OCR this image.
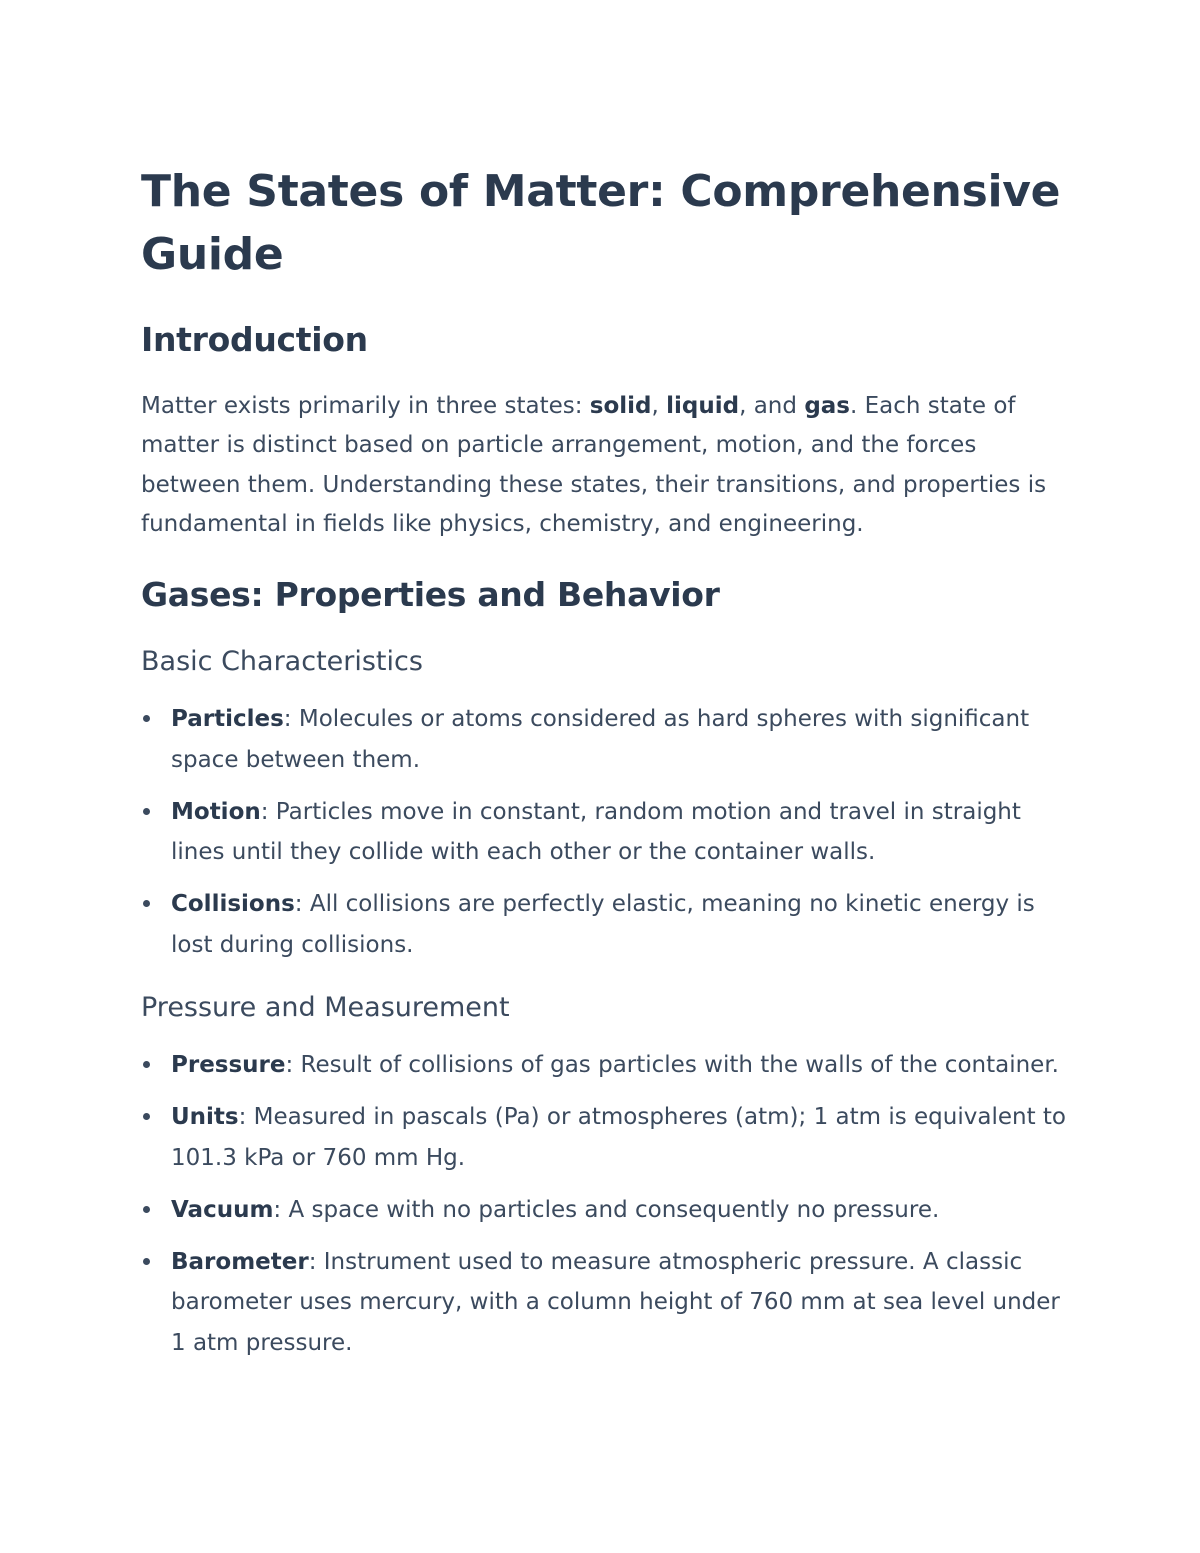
The States of Matter: Comprehensive Guide
Introduction

Matter exists primarily in three states: solid, liquid, and gas. Each state of matter is distinct based on particle arrangement, motion, and the forces between them. Understanding these states, their transitions, and properties is fundamental in fields like physics, chemistry, and engineering.

Gases: Properties and Behavior
Basic Characteristics
Particles: Molecules or atoms considered as hard spheres with significant space between them.
Motion: Particles move in constant, random motion and travel in straight lines until they collide with each other or the container walls.
Collisions: All collisions are perfectly elastic, meaning no kinetic energy is lost during collisions.
Pressure and Measurement
Pressure: Result of collisions of gas particles with the walls of the container.
Units: Measured in pascals (Pa) or atmospheres (atm); 1 atm is equivalent to 101.3 kPa or 760 mm Hg.
Vacuum: A space with no particles and consequently no pressure.
Barometer: Instrument used to measure atmospheric pressure. A classic barometer uses mercury, with a column height of 760 mm at sea level under 1 atm pressure.
